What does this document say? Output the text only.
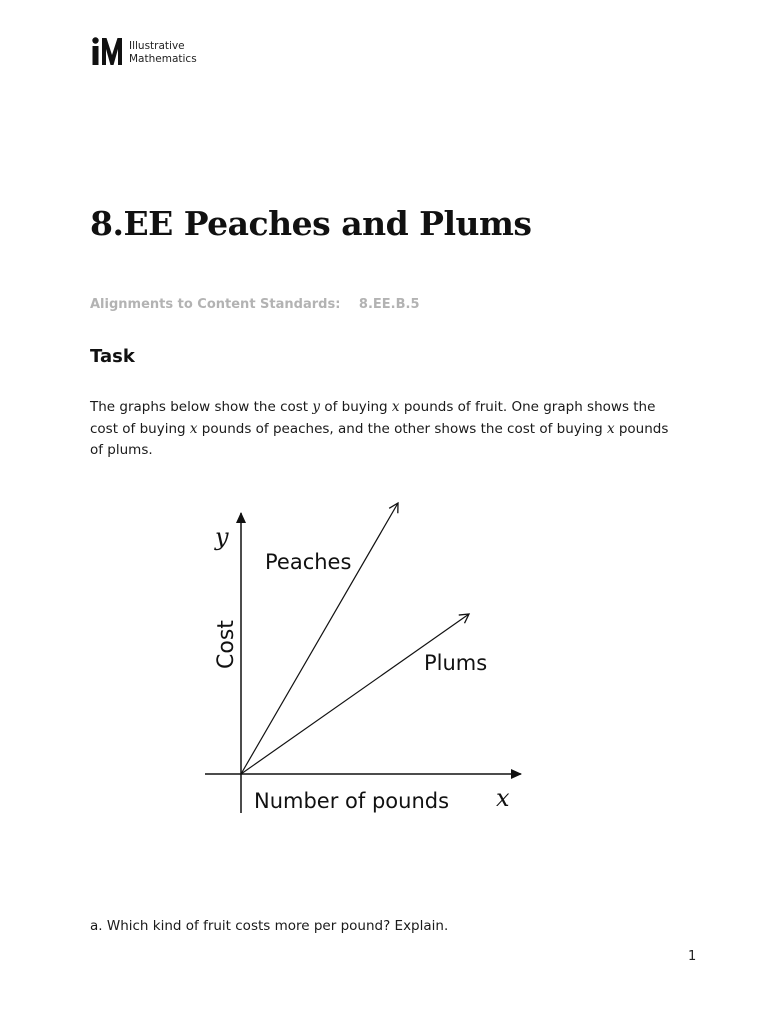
Illustrative
Mathematics
8.EE Peaches and Plums
Alignments to Content Standards: 8.EE.B.5
Task

The graphs below show the cost y of buying x pounds of fruit. One graph shows the cost of buying x pounds of peaches, and the other shows the cost of buying x pounds of plums.

y
Peaches
Plums
Cost
Number of pounds x

a. Which kind of fruit costs more per pound? Explain.

1
